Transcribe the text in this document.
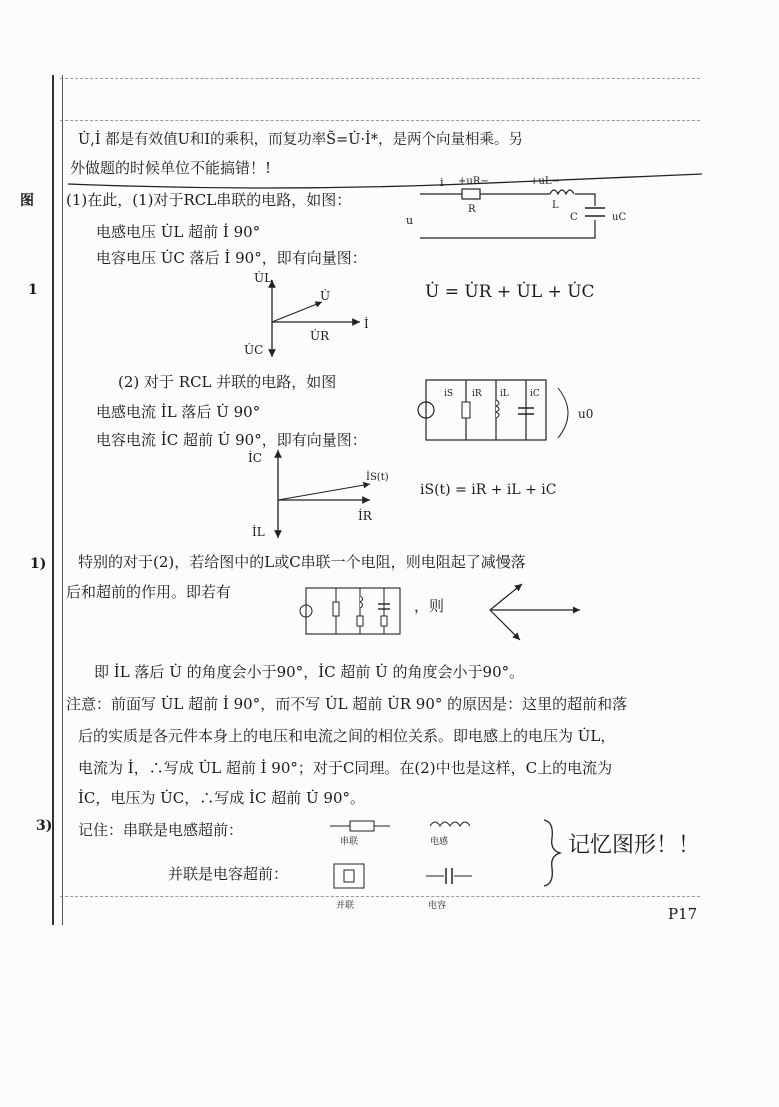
图
1
1)
3)
U̇,İ 都是有效值U和I的乘积，而复功率S̃=U̇·İ*，是两个向量相乘。另
外做题的时候单位不能搞错！!
(1)在此，(1)对于RCL串联的电路，如图：
电感电压 U̇L 超前 İ 90°
电容电压 U̇C 落后 İ 90°，即有向量图：
U̇ = U̇R + U̇L + U̇C
i +uR−	+uL−
R	L
C	uC
u
U̇L
U̇
U̇R
U̇C
İ
(2) 对于 RCL 并联的电路，如图
电感电流 İL 落后 U̇ 90°
电容电流 İC 超前 U̇ 90°，即有向量图：
iS(t) = iR + iL + iC
iS iR iL iC
u0
İC
İS(t)
İR
İL
特别的对于(2)，若给图中的L或C串联一个电阻，则电阻起了减慢落
后和超前的作用。即若有
，则
即 İL 落后 U̇ 的角度会小于90°，İC 超前 U̇ 的角度会小于90°。
注意：前面写 U̇L 超前 İ 90°，而不写 U̇L 超前 U̇R 90° 的原因是：这里的超前和落
后的实质是各元件本身上的电压和电流之间的相位关系。即电感上的电压为 U̇L，
电流为 İ，∴写成 U̇L 超前 İ 90°；对于C同理。在(2)中也是这样，C上的电流为
İC，电压为 U̇C，∴写成 İC 超前 U̇ 90°。
记住：串联是电感超前：
并联是电容超前：
串联	电感
并联	电容
记忆图形！！
P17
